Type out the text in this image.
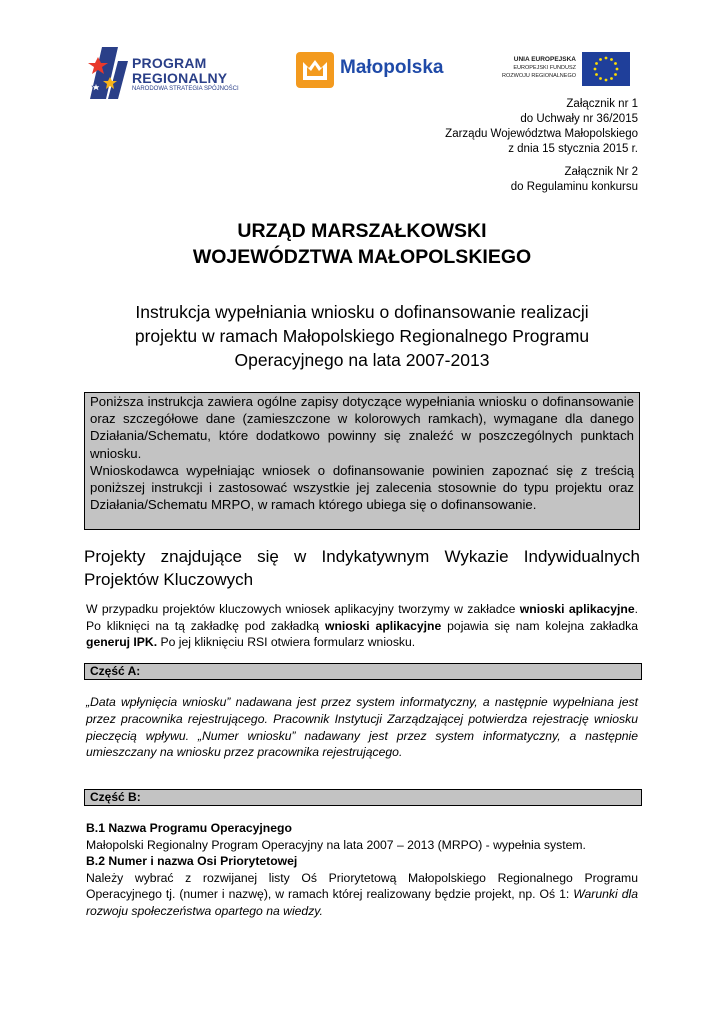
PROGRAM
REGIONALNY
NARODOWA STRATEGIA SPÓJNOŚCI
Małopolska	UNIA EUROPEJSKA
EUROPEJSKI FUNDUSZ
ROZWOJU REGIONALNEGO
Załącznik nr 1
do Uchwały nr 36/2015
Zarządu Województwa Małopolskiego
z dnia 15 stycznia 2015 r.
Załącznik Nr 2
do Regulaminu konkursu
URZĄD MARSZAŁKOWSKI
WOJEWÓDZTWA MAŁOPOLSKIEGO
Instrukcja wypełniania wniosku o dofinansowanie realizacji
projektu w ramach Małopolskiego Regionalnego Programu
Operacyjnego na lata 2007-2013

Poniższa instrukcja zawiera ogólne zapisy dotyczące wypełniania wniosku o dofinansowanie oraz szczegółowe dane (zamieszczone w kolorowych ramkach), wymagane dla danego Działania/Schematu, które dodatkowo powinny się znaleźć w poszczególnych punktach wniosku.

Wnioskodawca wypełniając wniosek o dofinansowanie powinien zapoznać się z treścią poniższej instrukcji i zastosować wszystkie jej zalecenia stosownie do typu projektu oraz Działania/Schematu MRPO, w ramach którego ubiega się o dofinansowanie.

Projekty znajdujące się w Indykatywnym Wykazie Indywidualnych
Projektów Kluczowych

W przypadku projektów kluczowych wniosek aplikacyjny tworzymy w zakładce wnioski aplikacyjne. Po kliknięci na tą zakładkę pod zakładką wnioski aplikacyjne pojawia się nam kolejna zakładka generuj IPK. Po jej kliknięciu RSI otwiera formularz wniosku.

Część A:

„Data wpłynięcia wniosku” nadawana jest przez system informatyczny, a następnie wypełniana jest przez pracownika rejestrującego. Pracownik Instytucji Zarządzającej potwierdza rejestrację wniosku pieczęcią wpływu. „Numer wniosku” nadawany jest przez system informatyczny, a następnie umieszczany na wniosku przez pracownika rejestrującego.

Część B:
B.1 Nazwa Programu Operacyjnego
Małopolski Regionalny Program Operacyjny na lata 2007 – 2013 (MRPO) - wypełnia system.
B.2 Numer i nazwa Osi Priorytetowej
Należy wybrać z rozwijanej listy Oś Priorytetową Małopolskiego Regionalnego Programu Operacyjnego tj. (numer i nazwę), w ramach której realizowany będzie projekt, np. Oś 1: Warunki dla rozwoju społeczeństwa opartego na wiedzy.
